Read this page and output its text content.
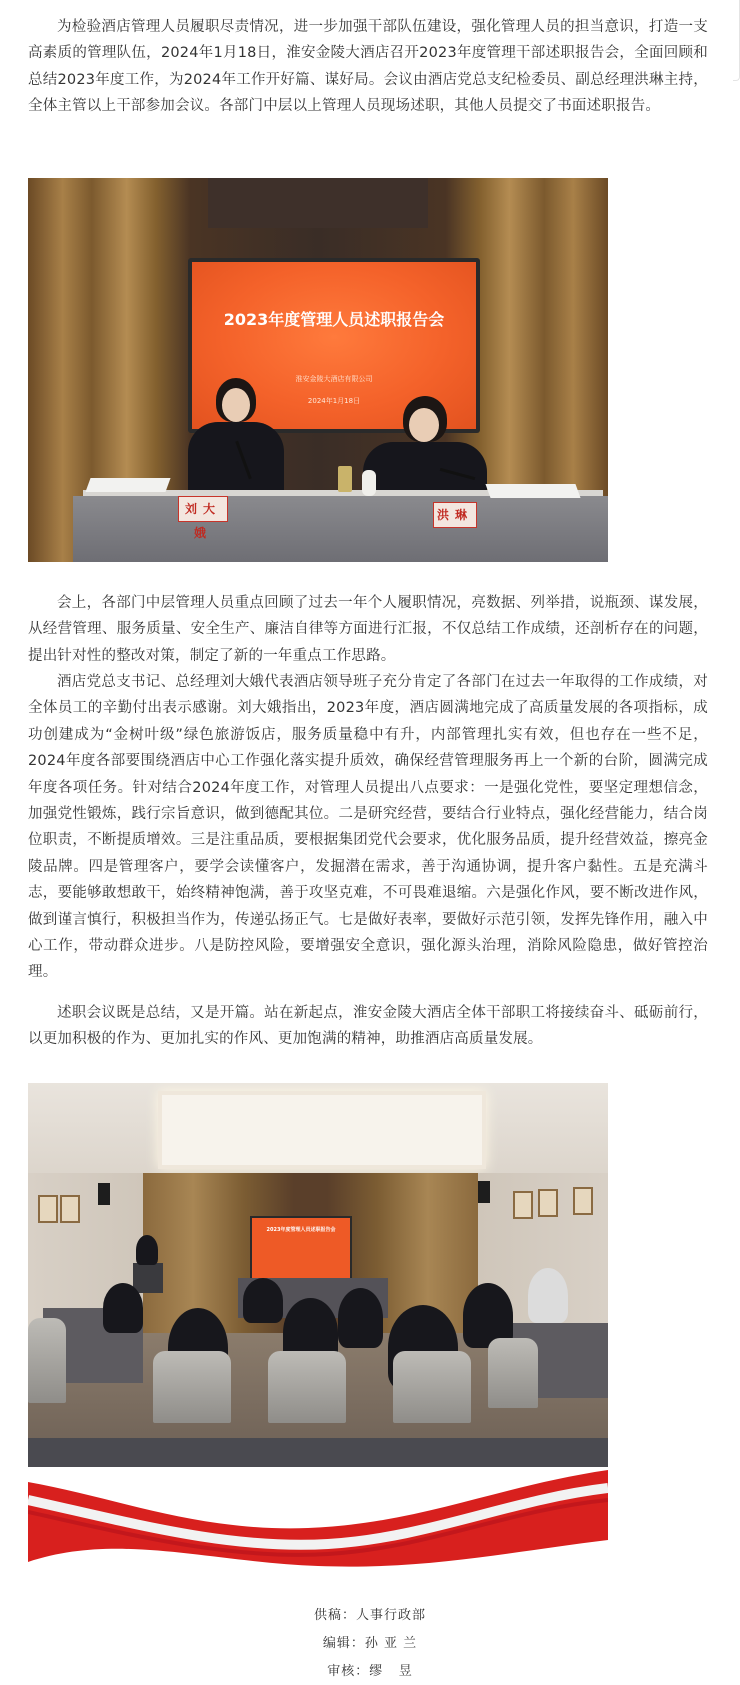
为检验酒店管理人员履职尽责情况，进一步加强干部队伍建设，强化管理人员的担当意识，打造一支高素质的管理队伍，2024年1月18日，淮安金陵大酒店召开2023年度管理干部述职报告会，全面回顾和总结2023年度工作，为2024年工作开好篇、谋好局。会议由酒店党总支纪检委员、副总经理洪琳主持，全体主管以上干部参加会议。各部门中层以上管理人员现场述职，其他人员提交了书面述职报告。

2023年度管理人员述职报告会
淮安金陵大酒店有限公司
2024年1月18日
刘大娥
洪琳

会上，各部门中层管理人员重点回顾了过去一年个人履职情况，亮数据、列举措，说瓶颈、谋发展，从经营管理、服务质量、安全生产、廉洁自律等方面进行汇报，不仅总结工作成绩，还剖析存在的问题，提出针对性的整改对策，制定了新的一年重点工作思路。

酒店党总支书记、总经理刘大娥代表酒店领导班子充分肯定了各部门在过去一年取得的工作成绩，对全体员工的辛勤付出表示感谢。刘大娥指出，2023年度，酒店圆满地完成了高质量发展的各项指标，成功创建成为“金树叶级”绿色旅游饭店，服务质量稳中有升，内部管理扎实有效，但也存在一些不足，2024年度各部要围绕酒店中心工作强化落实提升质效，确保经营管理服务再上一个新的台阶，圆满完成年度各项任务。针对结合2024年度工作，对管理人员提出八点要求：一是强化党性，要坚定理想信念，加强党性锻炼，践行宗旨意识，做到德配其位。二是研究经营，要结合行业特点，强化经营能力，结合岗位职责，不断提质增效。三是注重品质，要根据集团党代会要求，优化服务品质，提升经营效益，擦亮金陵品牌。四是管理客户，要学会读懂客户，发掘潜在需求，善于沟通协调，提升客户黏性。五是充满斗志，要能够敢想敢干，始终精神饱满，善于攻坚克难，不可畏难退缩。六是强化作风，要不断改进作风，做到谨言慎行，积极担当作为，传递弘扬正气。七是做好表率，要做好示范引领，发挥先锋作用，融入中心工作，带动群众进步。八是防控风险，要增强安全意识，强化源头治理，消除风险隐患，做好管控治理。

述职会议既是总结，又是开篇。站在新起点，淮安金陵大酒店全体干部职工将接续奋斗、砥砺前行，以更加积极的作为、更加扎实的作风、更加饱满的精神，助推酒店高质量发展。

2023年度管理人员述职报告会
供稿：人事行政部
编辑：孙 亚 兰
审核：缪   昱
